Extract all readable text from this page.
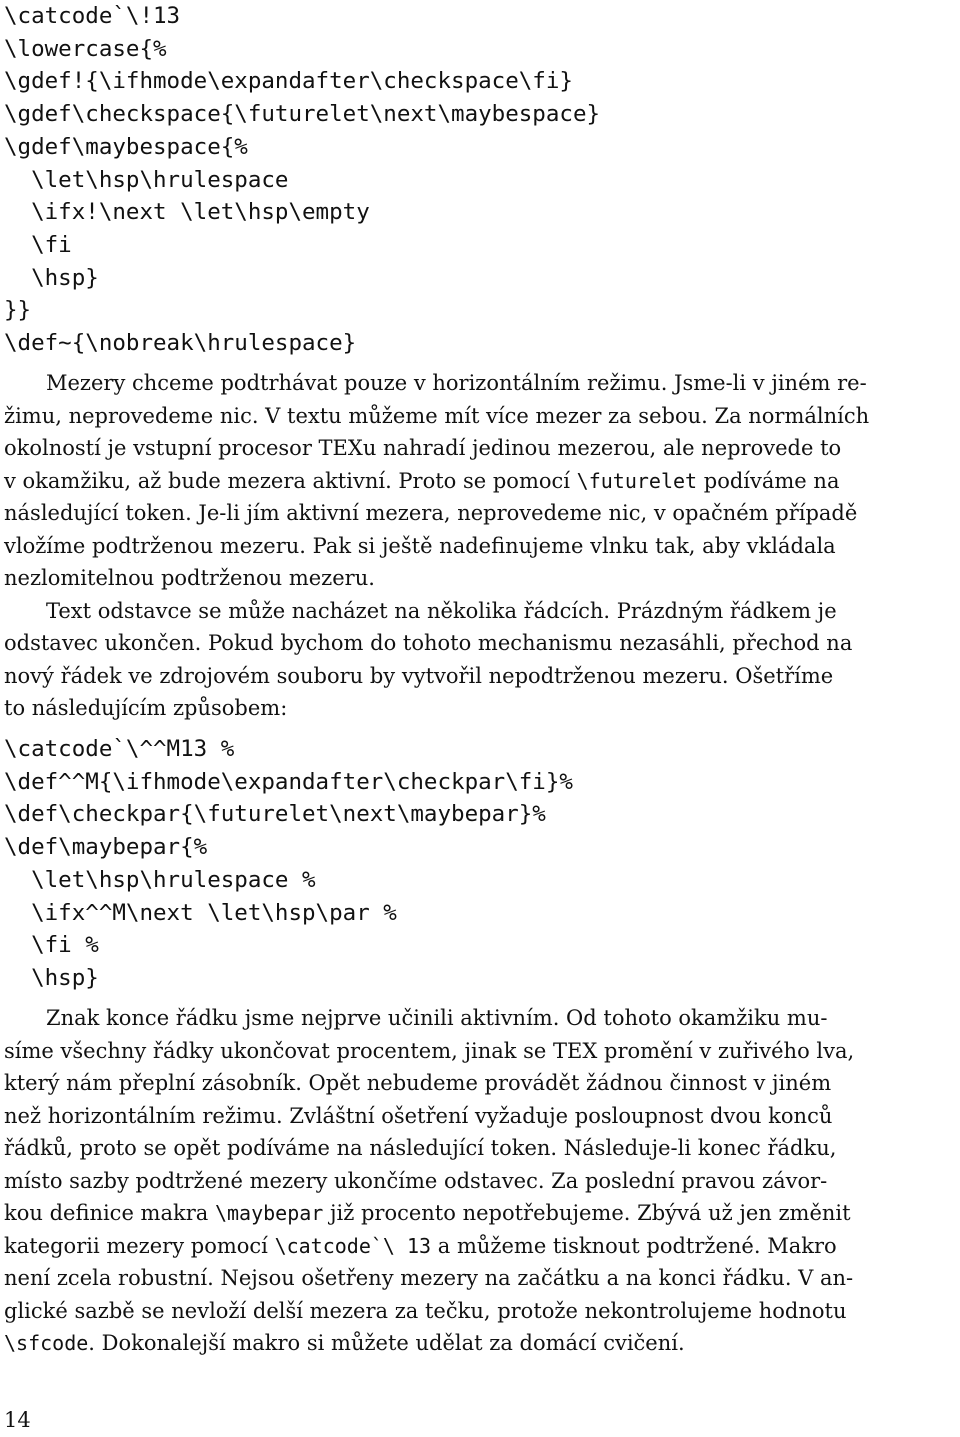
\catcode`\!13
\lowercase{%
\gdef!{\ifhmode\expandafter\checkspace\fi}
\gdef\checkspace{\futurelet\next\maybespace}
\gdef\maybespace{%
\let\hsp\hrulespace
\ifx!\next \let\hsp\empty
\fi
\hsp}
}}
\def~{\nobreak\hrulespace}

Mezery chceme podtrhávat pouze v horizontálním režimu. Jsme-li v jiném re-
žimu, neprovedeme nic. V textu můžeme mít více mezer za sebou. Za normálních
okolností je vstupní procesor TEXu nahradí jedinou mezerou, ale neprovede to
v okamžiku, až bude mezera aktivní. Proto se pomocí \futurelet podíváme na
následující token. Je-li jím aktivní mezera, neprovedeme nic, v opačném případě
vložíme podtrženou mezeru. Pak si ještě nadefinujeme vlnku tak, aby vkládala
nezlomitelnou podtrženou mezeru.
Text odstavce se může nacházet na několika řádcích. Prázdným řádkem je
odstavec ukončen. Pokud bychom do tohoto mechanismu nezasáhli, přechod na
nový řádek ve zdrojovém souboru by vytvořil nepodtrženou mezeru. Ošetříme
to následujícím způsobem:
\catcode`\^^M13 %
\def^^M{\ifhmode\expandafter\checkpar\fi}%
\def\checkpar{\futurelet\next\maybepar}%
\def\maybepar{%
\let\hsp\hrulespace %
\ifx^^M\next \let\hsp\par %
\fi %
\hsp}

Znak konce řádku jsme nejprve učinili aktivním. Od tohoto okamžiku mu-
síme všechny řádky ukončovat procentem, jinak se TEX promění v zuřivého lva,
který nám přeplní zásobník. Opět nebudeme provádět žádnou činnost v jiném
než horizontálním režimu. Zvláštní ošetření vyžaduje posloupnost dvou konců
řádků, proto se opět podíváme na následující token. Následuje-li konec řádku,
místo sazby podtržené mezery ukončíme odstavec. Za poslední pravou závor-
kou definice makra \maybepar již procento nepotřebujeme. Zbývá už jen změnit
kategorii mezery pomocí \catcode`\ 13 a můžeme tisknout podtržené. Makro
není zcela robustní. Nejsou ošetřeny mezery na začátku a na konci řádku. V an-
glické sazbě se nevloží delší mezera za tečku, protože nekontrolujeme hodnotu
\sfcode. Dokonalejší makro si můžete udělat za domácí cvičení.
14
